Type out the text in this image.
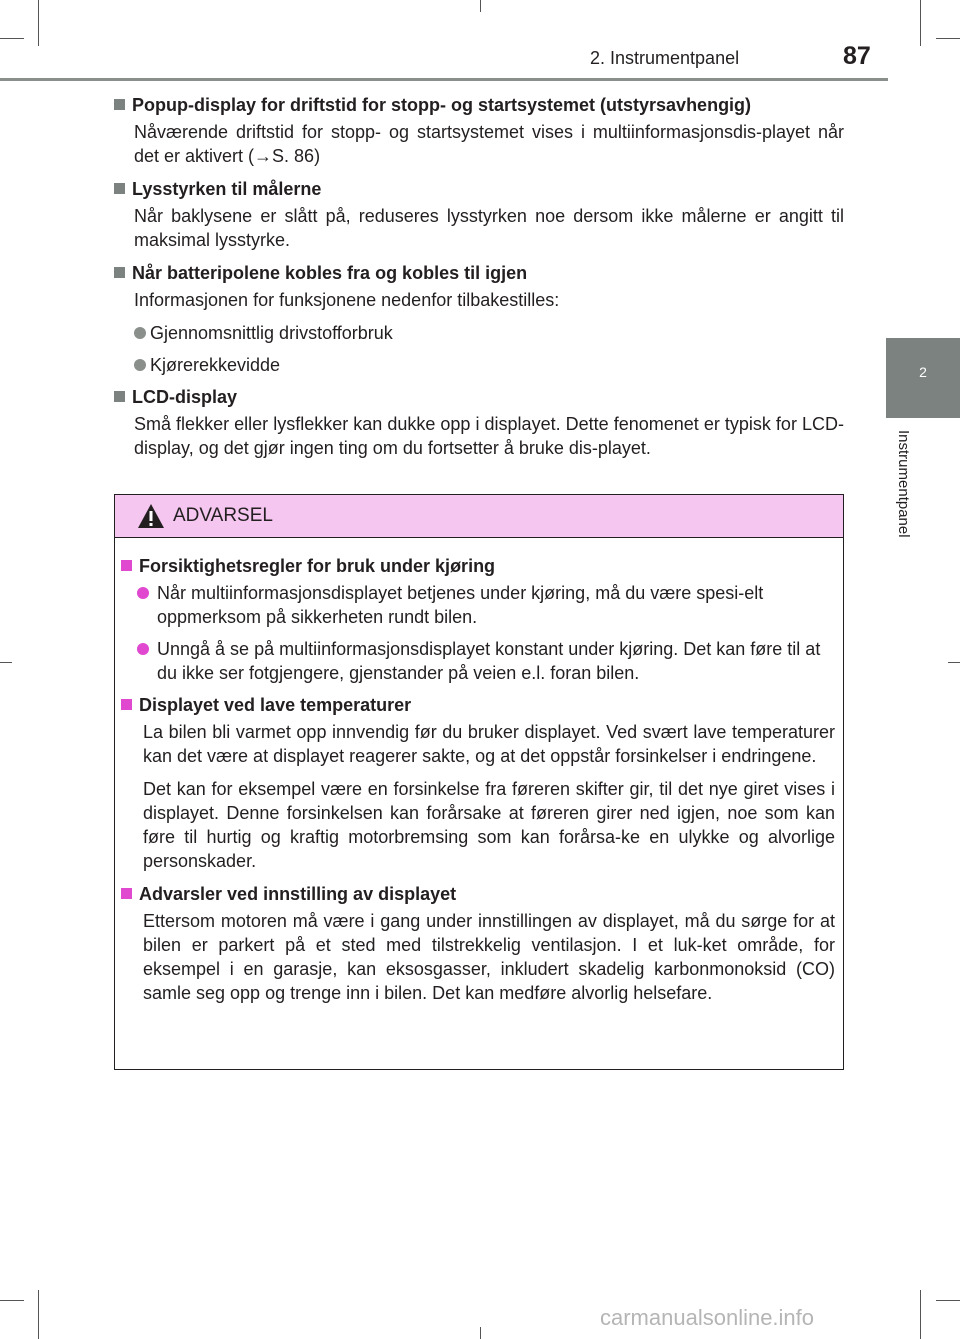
2. Instrumentpanel	87
2
Instrumentpanel
Popup-display for driftstid for stopp- og startsystemet (utstyrsavhengig)
Nåværende driftstid for stopp- og startsystemet vises i multiinformasjonsdis-playet når det er aktivert (→S. 86)
Lysstyrken til målerne
Når baklysene er slått på, reduseres lysstyrken noe dersom ikke målerne er angitt til maksimal lysstyrke.
Når batteripolene kobles fra og kobles til igjen
Informasjonen for funksjonene nedenfor tilbakestilles:
Gjennomsnittlig drivstofforbruk
Kjørerekkevidde
LCD-display
Små flekker eller lysflekker kan dukke opp i displayet. Dette fenomenet er typisk for LCD-display, og det gjør ingen ting om du fortsetter å bruke dis-playet.
ADVARSEL
Forsiktighetsregler for bruk under kjøring
Når multiinformasjonsdisplayet betjenes under kjøring, må du være spesi-elt oppmerksom på sikkerheten rundt bilen.
Unngå å se på multiinformasjonsdisplayet konstant under kjøring. Det kan føre til at du ikke ser fotgjengere, gjenstander på veien e.l. foran bilen.
Displayet ved lave temperaturer
La bilen bli varmet opp innvendig før du bruker displayet. Ved svært lave temperaturer kan det være at displayet reagerer sakte, og at det oppstår forsinkelser i endringene.
Det kan for eksempel være en forsinkelse fra føreren skifter gir, til det nye giret vises i displayet. Denne forsinkelsen kan forårsake at føreren girer ned igjen, noe som kan føre til hurtig og kraftig motorbremsing som kan forårsa-ke en ulykke og alvorlige personskader.
Advarsler ved innstilling av displayet
Ettersom motoren må være i gang under innstillingen av displayet, må du sørge for at bilen er parkert på et sted med tilstrekkelig ventilasjon. I et luk-ket område, for eksempel i en garasje, kan eksosgasser, inkludert skadelig karbonmonoksid (CO) samle seg opp og trenge inn i bilen. Det kan medføre alvorlig helsefare.
carmanualsonline.info
